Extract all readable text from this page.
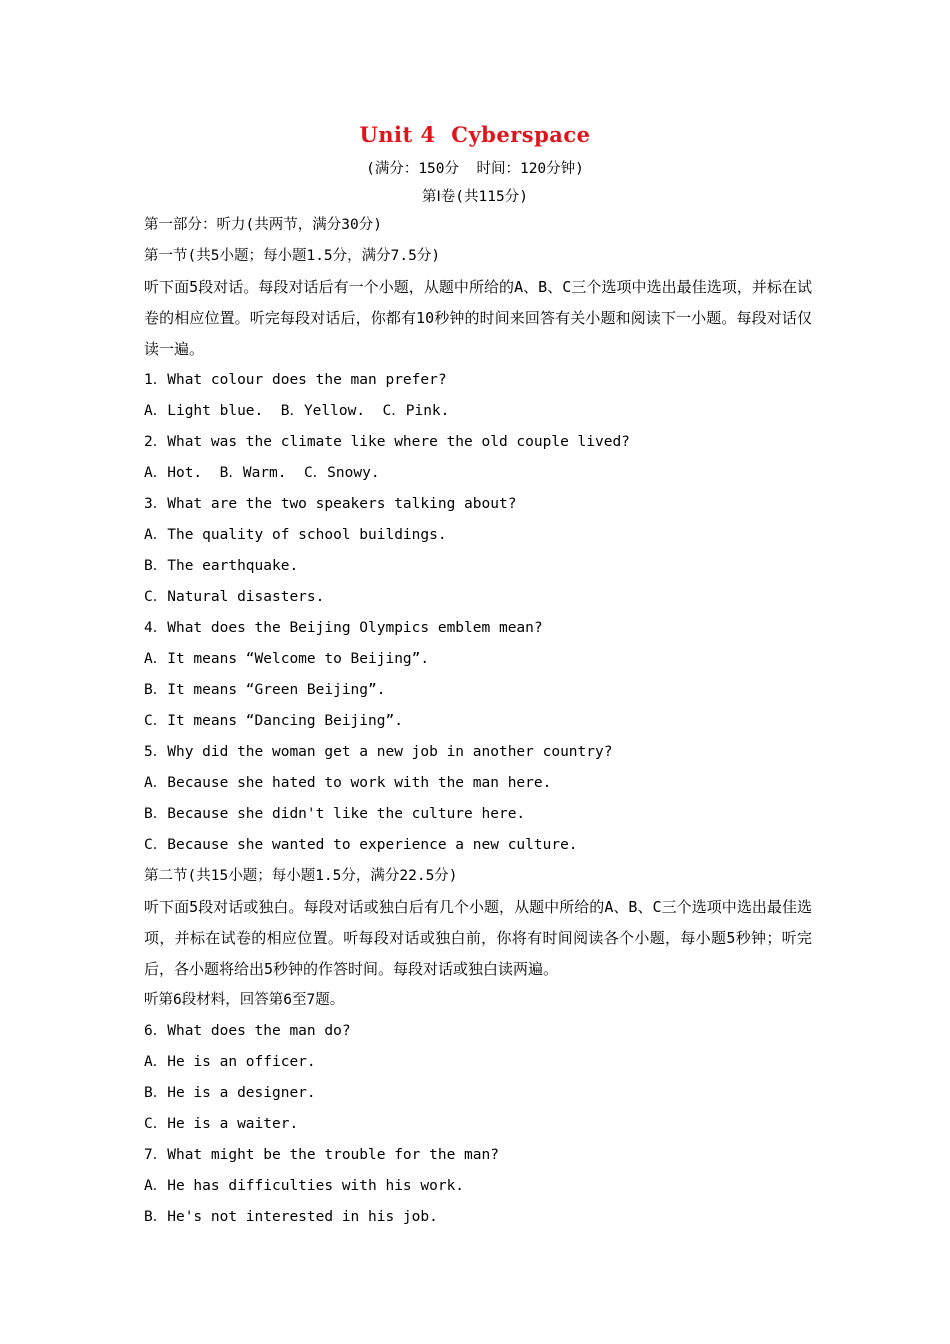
Unit 4  Cyberspace
(满分：150分  时间：120分钟)
第Ⅰ卷(共115分)
第一部分：听力(共两节，满分30分)
第一节(共5小题；每小题1.5分，满分7.5分)
听下面5段对话。每段对话后有一个小题，从题中所给的A、B、C三个选项中选出最佳选项，并标在试卷的相应位置。听完每段对话后，你都有10秒钟的时间来回答有关小题和阅读下一小题。每段对话仅读一遍。
1．What colour does the man prefer?
A．Light blue.  B．Yellow.  C．Pink.
2．What was the climate like where the old couple lived?
A．Hot.  B．Warm.  C．Snowy.
3．What are the two speakers talking about?
A．The quality of school buildings.
B．The earthquake.
C．Natural disasters.
4．What does the Beijing Olympics emblem mean?
A．It means “Welcome to Beijing”.
B．It means “Green Beijing”.
C．It means “Dancing Beijing”.
5．Why did the woman get a new job in another country?
A．Because she hated to work with the man here.
B．Because she didn't like the culture here.
C．Because she wanted to experience a new culture.
第二节(共15小题；每小题1.5分，满分22.5分)
听下面5段对话或独白。每段对话或独白后有几个小题，从题中所给的A、B、C三个选项中选出最佳选项，并标在试卷的相应位置。听每段对话或独白前，你将有时间阅读各个小题，每小题5秒钟；听完后，各小题将给出5秒钟的作答时间。每段对话或独白读两遍。
听第6段材料，回答第6至7题。
6．What does the man do?
A．He is an officer.
B．He is a designer.
C．He is a waiter.
7．What might be the trouble for the man?
A．He has difficulties with his work.
B．He's not interested in his job.
